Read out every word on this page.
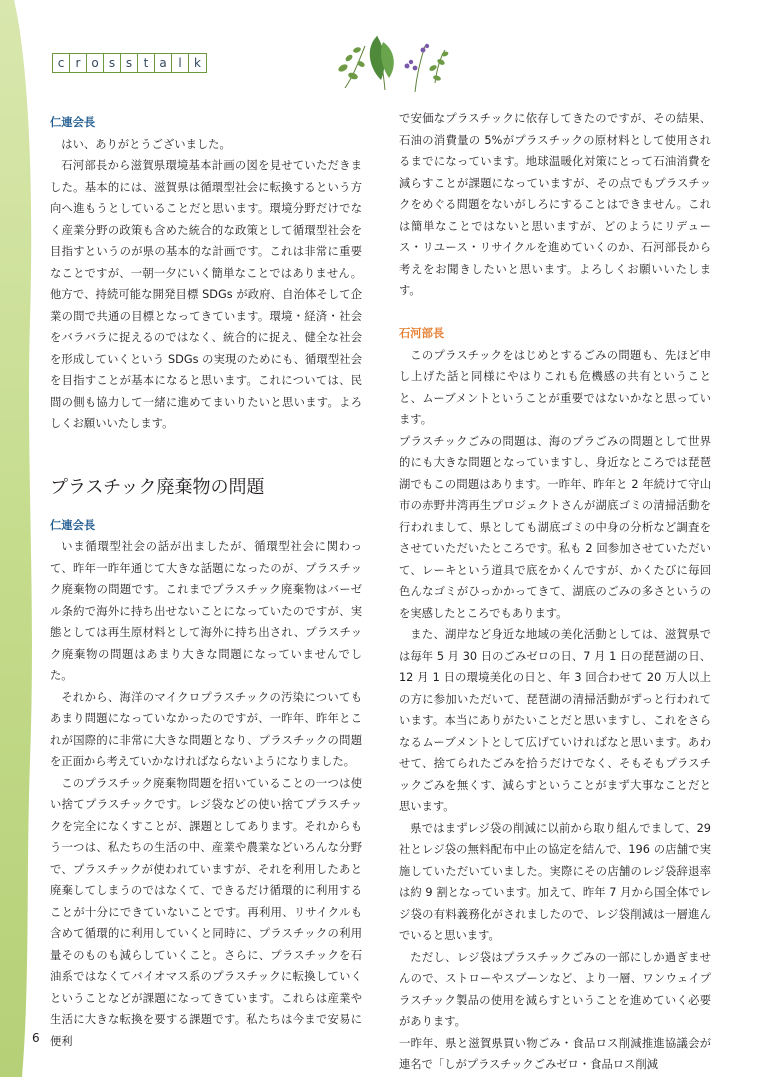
c r o s s t a l	k

仁連会長

はい、ありがとうございました。

石河部長から滋賀県環境基本計画の図を見せていただきました。基本的には、滋賀県は循環型社会に転換するという方向へ進もうとしていることだと思います。環境分野だけでなく産業分野の政策も含めた統合的な政策として循環型社会を目指すというのが県の基本的な計画です。これは非常に重要なことですが、一朝一夕にいく簡単なことではありません。他方で、持続可能な開発目標 SDGs が政府、自治体そして企業の間で共通の目標となってきています。環境・経済・社会をバラバラに捉えるのではなく、統合的に捉え、健全な社会を形成していくという SDGs の実現のためにも、循環型社会を目指すことが基本になると思います。これについては、民間の側も協力して一緒に進めてまいりたいと思います。よろしくお願いいたします。

プラスチック廃棄物の問題

仁連会長

いま循環型社会の話が出ましたが、循環型社会に関わって、昨年一昨年通じて大きな話題になったのが、プラスチック廃棄物の問題です。これまでプラスチック廃棄物はバーゼル条約で海外に持ち出せないことになっていたのですが、実態としては再生原材料として海外に持ち出され、プラスチック廃棄物の問題はあまり大きな問題になっていませんでした。

それから、海洋のマイクロプラスチックの汚染についてもあまり問題になっていなかったのですが、一昨年、昨年とこれが国際的に非常に大きな問題となり、プラスチックの問題を正面から考えていかなければならないようになりました。

このプラスチック廃棄物問題を招いていることの一つは使い捨てプラスチックです。レジ袋などの使い捨てプラスチックを完全になくすことが、課題としてあります。それからもう一つは、私たちの生活の中、産業や農業などいろんな分野で、プラスチックが使われていますが、それを利用したあと廃棄してしまうのではなくて、できるだけ循環的に利用することが十分にできていないことです。再利用、リサイクルも含めて循環的に利用していくと同時に、プラスチックの利用量そのものも減らしていくこと。さらに、プラスチックを石油系ではなくてバイオマス系のプラスチックに転換していくということなどが課題になってきています。これらは産業や生活に大きな転換を要する課題です。私たちは今まで安易に便利

で安価なプラスチックに依存してきたのですが、その結果、石油の消費量の 5%がプラスチックの原材料として使用されるまでになっています。地球温暖化対策にとって石油消費を減らすことが課題になっていますが、その点でもプラスチックをめぐる問題をないがしろにすることはできません。これは簡単なことではないと思いますが、どのようにリデュース・リユース・リサイクルを進めていくのか、石河部長から考えをお聞きしたいと思います。よろしくお願いいたします。

石河部長

このプラスチックをはじめとするごみの問題も、先ほど申し上げた話と同様にやはりこれも危機感の共有ということと、ムーブメントということが重要ではないかなと思っています。

プラスチックごみの問題は、海のプラごみの問題として世界的にも大きな問題となっていますし、身近なところでは琵琶湖でもこの問題はあります。一昨年、昨年と 2 年続けて守山市の赤野井湾再生プロジェクトさんが湖底ゴミの清掃活動を行われまして、県としても湖底ゴミの中身の分析など調査をさせていただいたところです。私も 2 回参加させていただいて、レーキという道具で底をかくんですが、かくたびに毎回色んなゴミがひっかかってきて、湖底のごみの多さというのを実感したところでもあります。

また、湖岸など身近な地域の美化活動としては、滋賀県では毎年 5 月 30 日のごみゼロの日、7 月 1 日の琵琶湖の日、12 月 1 日の環境美化の日と、年 3 回合わせて 20 万人以上の方に参加いただいて、琵琶湖の清掃活動がずっと行われています。本当にありがたいことだと思いますし、これをさらなるムーブメントとして広げていければなと思います。あわせて、捨てられたごみを拾うだけでなく、そもそもプラスチックごみを無くす、減らすということがまず大事なことだと思います。

県ではまずレジ袋の削減に以前から取り組んでまして、29 社とレジ袋の無料配布中止の協定を結んで、196 の店舗で実施していただいていました。実際にその店舗のレジ袋辞退率は約 9 割となっています。加えて、昨年 7 月から国全体でレジ袋の有料義務化がされましたので、レジ袋削減は一層進んでいると思います。

ただし、レジ袋はプラスチックごみの一部にしか過ぎませんので、ストローやスプーンなど、より一層、ワンウェイプラスチック製品の使用を減らすということを進めていく必要があります。

一昨年、県と滋賀県買い物ごみ・食品ロス削減推進協議会が連名で「しがプラスチックごみゼロ・食品ロス削減

6
